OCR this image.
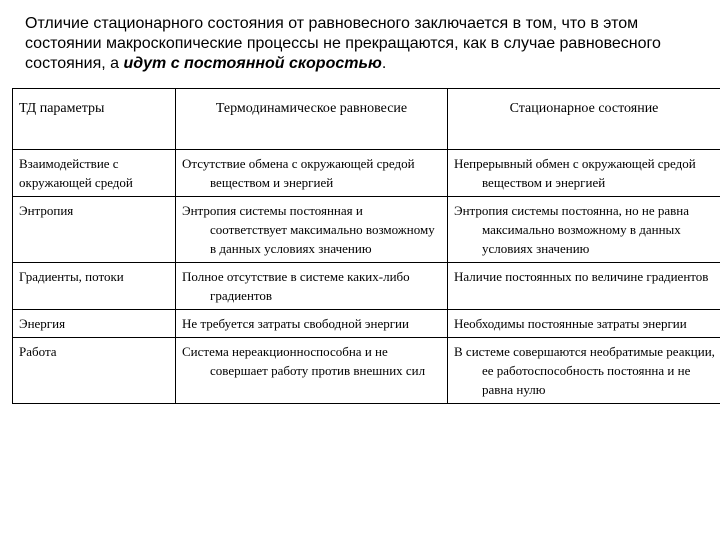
Отличие стационарного состояния от равновесного заключается в том, что в этом состоянии макроскопические процессы не прекращаются, как в случае равновесного состояния, а идут с постоянной скоростью.

ТД параметры	Термодинамическое равновесие	Стационарное состояние
Взаимодействие с окружающей средой	Отсутствие обмена с окружающей средой веществом и энергией	Непрерывный обмен с окружающей средой веществом и энергией
Энтропия	Энтропия системы постоянная и соответствует максимально возможному в данных условиях значению	Энтропия системы постоянна, но не равна максимально возможному в данных условиях значению
Градиенты, потоки	Полное отсутствие в системе каких-либо градиентов	Наличие постоянных по величине градиентов
Энергия	Не требуется затраты свободной энергии	Необходимы постоянные затраты энергии
Работа	Система нереакционноспособна и не совершает работу против внешних сил	В системе совершаются необратимые реакции, ее работоспособность постоянна и не равна нулю
